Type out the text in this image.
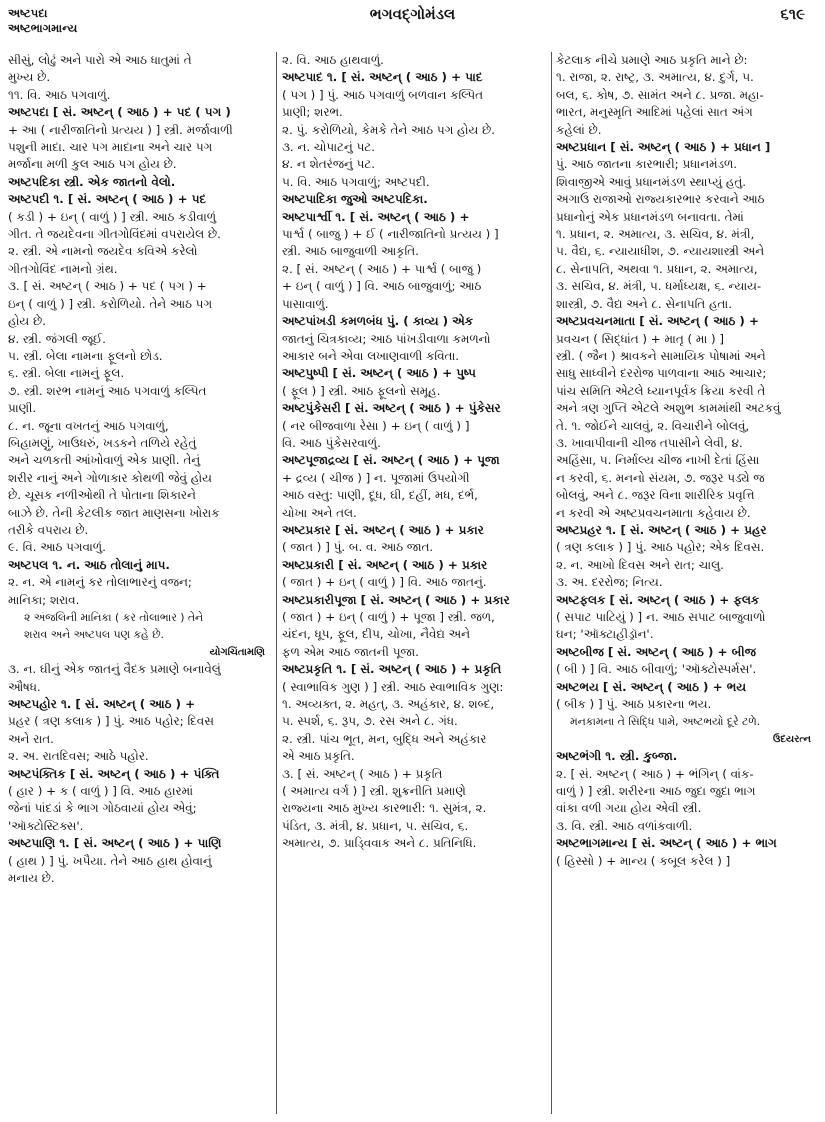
અષ્ટપદા
અષ્ટભાગમાન્ય
ભગવદ્ગોમંડલ	૬૧૯
સીસું, લોઢું અને પારો એ આઠ ધાતુમાં તે
મુખ્ય છે.
૧૧. વિ. આઠ પગવાળું.
અષ્ટપદા [ સં. અષ્ટન્ ( આઠ ) + પદ ( પગ )
+ આ ( નારીજાતિનો પ્રત્યય ) ] સ્ત્રી. મર્જાવાળી
પશુની માદા. ચાર પગ માદાના અને ચાર પગ
મર્જાના મળી કુલ આઠ પગ હોય છે.
અષ્ટપદિકા સ્ત્રી. એક જાતનો વેલો.
અષ્ટપદી ૧. [ સં. અષ્ટન્ ( આઠ ) + પદ
( કડી ) + ઇન્ ( વાળું ) ] સ્ત્રી. આઠ કડીવાળું
ગીત. તે જયદેવના ગીતગોવિંદમાં વપરાયેલ છે.
૨. સ્ત્રી. એ નામનો જયદેવ કવિએ કરેલો
ગીતગોવિંદ નામનો ગ્રંથ.
૩. [ સં. અષ્ટન્ ( આઠ ) + પદ ( પગ ) +
ઇન્ ( વાળું ) ] સ્ત્રી. કરોળિયો. તેને આઠ પગ
હોય છે.
૪. સ્ત્રી. જંગલી જૂઈ.
૫. સ્ત્રી. બેલા નામના ફૂલનો છોડ.
૬. સ્ત્રી. બેલા નામનું ફૂલ.
૭. સ્ત્રી. શરભ નામનું આઠ પગવાળું કલ્પિત
પ્રાણી.
૮. ન. જૂના વખતનું આઠ પગવાળું,
બિહામણું, ખાઉધરું, ખડકને તળિયે રહેતું
અને ચળકતી આંખોવાળું એક પ્રાણી. તેનું
શરીર નાનું અને ગોળાકાર કોથળી જેવું હોય
છે. ચૂસક નળીઓથી તે પોતાના શિકારને
બાઝે છે. તેની કેટલીક જાત માણસના ખોરાક
તરીકે વપરાય છે.
૯. વિ. આઠ પગવાળું.
અષ્ટપલ ૧. ન. આઠ તોલાનું માપ.
૨. ન. એ નામનું કર તોલાભારનું વજન;
માનિકા; શરાવ.
૨ અંજલિની માનિકા ( કર તોલાભાર ) તેને
શરાવ અને અષ્ટપલ પણ કહે છે.
યોગચિંતામણિ
૩. ન. ઘીનું એક જાતનું વૈદક પ્રમાણે બનાવેલું
ઔષધ.
અષ્ટપહોર ૧. [ સં. અષ્ટન્ ( આઠ ) +
પ્રહર ( ત્રણ કલાક ) ] પું. આઠ પહોર; દિવસ
અને રાત.
૨. અ. રાતદિવસ; આઠે પહોર.
અષ્ટપંક્તિક [ સં. અષ્ટન્ ( આઠ ) + પંક્તિ
( હાર ) + ક ( વાળું ) ] વિ. આઠ હારમાં
જેનાં પાંદડાં કે ભાગ ગોઠવાયાં હોય એવું;
'ઑક્ટોસ્ટિક્સ'.
અષ્ટપાણિ ૧. [ સં. અષ્ટન્ ( આઠ ) + પાણિ
( હાથ ) ] પું. ખપૈયા. તેને આઠ હાથ હોવાનું
મનાય છે.
૨. વિ. આઠ હાથવાળું.
અષ્ટપાદ ૧. [ સં. અષ્ટન્ ( આઠ ) + પાદ
( પગ ) ] પું. આઠ પગવાળું બળવાન કલ્પિત
પ્રાણી; શરભ.
૨. પું. કરોળિયો, કેમકે તેને આઠ પગ હોય છે.
૩. ન. ચોપાટનું પટ.
૪. ન શેતરંજનું પટ.
૫. વિ. આઠ પગવાળું; અષ્ટપદી.
અષ્ટપાદિકા જુઓ અષ્ટપદિકા.
અષ્ટપાર્શ્વી ૧. [ સં. અષ્ટન્ ( આઠ ) +
પાર્શ્વ ( બાજુ ) + ઈ ( નારીજાતિનો પ્રત્યય ) ]
સ્ત્રી. આઠ બાજુવાળી આકૃતિ.
૨. [ સં. અષ્ટન્ ( આઠ ) + પાર્શ્વ ( બાજુ )
+ ઇન્ ( વાળું ) ] વિ. આઠ બાજુવાળું; આઠ
પાસાવાળું.
અષ્ટપાંખડી કમળબંધ પું. ( કાવ્ય ) એક
જાતનું ચિત્રકાવ્ય; આઠ પાંખડીવાળા કમળનો
આકાર બને એવા લખાણવાળી કવિતા.
અષ્ટપુષ્પી [ સં. અષ્ટન્ ( આઠ ) + પુષ્પ
( ફૂલ ) ] સ્ત્રી. આઠ ફૂલનો સમૂહ.
અષ્ટપુંકેસરી [ સં. અષ્ટન્ ( આઠ ) + પુંકેસર
( નર બીજવાળા રેસા ) + ઇન્ ( વાળું ) ]
વિ. આઠ પુંકેસરવાળું.
અષ્ટપૂજાદ્રવ્ય [ સં. અષ્ટન્ ( આઠ ) + પૂજા
+ દ્રવ્ય ( ચીજ ) ] ન. પૂજામાં ઉપયોગી
આઠ વસ્તુ: પાણી, દૂધ, ઘી, દહીં, મધ, દર્ભ,
ચોખા અને તલ.
અષ્ટપ્રકાર [ સં. અષ્ટન્ ( આઠ ) + પ્રકાર
( જાત ) ] પું. બ. વ. આઠ જાત.
અષ્ટપ્રકારી [ સં. અષ્ટન્ ( આઠ ) + પ્રકાર
( જાત ) + ઇન્ ( વાળું ) ] વિ. આઠ જાતનું.
અષ્ટપ્રકારીપૂજા [ સં. અષ્ટન્ ( આઠ ) + પ્રકાર
( જાત ) + ઇન્ ( વાળું ) + પૂજા ] સ્ત્રી. જળ,
ચંદન, ધૂપ, ફૂલ, દીપ, ચોખા, નૈવેદ્ય અને
ફળ એમ આઠ જાતની પૂજા.
અષ્ટપ્રકૃતિ ૧. [ સં. અષ્ટન્ ( આઠ ) + પ્રકૃતિ
( સ્વાભાવિક ગુણ ) ] સ્ત્રી. આઠ સ્વાભાવિક ગુણ:
૧. અવ્યક્ત, ૨. મહત્, ૩. અહંકાર, ૪. શબ્દ,
૫. સ્પર્શ, ૬. રૂપ, ૭. રસ અને ૮. ગંધ.
૨. સ્ત્રી. પાંચ ભૂત, મન, બુદ્ધિ અને અહંકાર
એ આઠ પ્રકૃતિ.
૩. [ સં. અષ્ટન્ ( આઠ ) + પ્રકૃતિ
( અમાત્ય વર્ગ ) ] સ્ત્રી. શુક્રનીતિ પ્રમાણે
રાજ્યના આઠ મુખ્ય કારભારી: ૧. સુમંત્ર, ૨.
પંડિત, ૩. મંત્રી, ૪. પ્રધાન, ૫. સચિવ, ૬.
અમાત્ય, ૭. પ્રાડ્વિવાક અને ૮. પ્રતિનિધિ.
કેટલાક નીચે પ્રમાણે આઠ પ્રકૃતિ માને છે:
૧. રાજા, ૨. રાષ્ટ્ર, ૩. અમાત્ય, ૪. દુર્ગ, ૫.
બલ, ૬. કોષ, ૭. સામંત અને ૮. પ્રજા. મહા-
ભારત, મનુસ્મૃતિ આદિમાં પહેલાં સાત અંગ
કહેલાં છે.
અષ્ટપ્રધાન [ સં. અષ્ટન્ ( આઠ ) + પ્રધાન ]
પું. આઠ જાતના કારભારી; પ્રધાનમંડળ.
શિવાજીએ આવું પ્રધાનમંડળ સ્થાપ્યું હતું.
અગાઉ રાજાઓ રાજ્યકારભાર કરવાને આઠ
પ્રધાનોનું એક પ્રધાનમંડળ બનાવતા. તેમાં
૧. પ્રધાન, ૨. અમાત્ય, ૩. સચિવ, ૪. મંત્રી,
૫. વૈદ્ય, ૬. ન્યાયાધીશ, ૭. ન્યાયશાસ્ત્રી અને
૮. સેનાપતિ, અથવા ૧. પ્રધાન, ૨. અમાત્ય,
૩. સચિવ, ૪. મંત્રી, ૫. ધર્માધ્યક્ષ, ૬. ન્યાય-
શાસ્ત્રી, ૭. વૈદ્ય અને ૮. સેનાપતિ હતા.
અષ્ટપ્રવચનમાતા [ સં. અષ્ટન્ ( આઠ ) +
પ્રવચન ( સિદ્ધાંત ) + માતૃ ( મા ) ]
સ્ત્રી. ( જૈન ) શ્રાવકને સામાયિક પોષામાં અને
સાધુ સાધ્વીને દરરોજ પાળવાના આઠ આચાર;
પાંચ સમિતિ એટલે ધ્યાનપૂર્વક ક્રિયા કરવી તે
અને ત્રણ ગુપ્તિ એટલે અશુભ કામમાંથી અટકવું
તે. ૧. જોઈને ચાલવું, ૨. વિચારીને બોલવું,
૩. ખાવાપીવાની ચીજ તપાસીને લેવી, ૪.
અહિંસા, ૫. નિર્માલ્ય ચીજ નાખી દેતાં હિંસા
ન કરવી, ૬. મનનો સંયમ, ૭. જરૂર પડ્યે જ
બોલવું, અને ૮. જરૂર વિના શારીરિક પ્રવૃત્તિ
ન કરવી એ અષ્ટપ્રવચનમાતા કહેવાય છે.
અષ્ટપ્રહર ૧. [ સં. અષ્ટન્ ( આઠ ) + પ્રહર
( ત્રણ કલાક ) ] પું. આઠ પહોર; એક દિવસ.
૨. ન. આખો દિવસ અને રાત; ચાલુ.
૩. અ. દરરોજ; નિત્ય.
અષ્ટફલક [ સં. અષ્ટન્ ( આઠ ) + ફલક
( સપાટ પાટિયું ) ] ન. આઠ સપાટ બાજુવાળો
ઘન; 'ઑક્ટાહીડ્રૉન'.
અષ્ટબીજ [ સં. અષ્ટન્ ( આઠ ) + બીજ
( બી ) ] વિ. આઠ બીવાળું; 'ઑક્ટોસ્પર્મસ'.
અષ્ટભય [ સં. અષ્ટન્ ( આઠ ) + ભય
( બીક ) ] પું. આઠ પ્રકારના ભય.
મનકામના તે સિદ્ધિ પામે, અષ્ટભયો દૂરે ટળે.
ઉદયરત્ન
અષ્ટભંગી ૧. સ્ત્રી. કુબ્જા.
૨. [ સં. અષ્ટન્ ( આઠ ) + ભંગિન્ ( વાંક-
વાળું ) ] સ્ત્રી. શરીરના આઠ જુદા જુદા ભાગ
વાંકા વળી ગયા હોય એવી સ્ત્રી.
૩. વિ. સ્ત્રી. આઠ વળાંકવાળી.
અષ્ટભાગમાન્ય [ સં. અષ્ટન્ ( આઠ ) + ભાગ
( હિસ્સો ) + માન્ય ( કબૂલ કરેલ ) ]
